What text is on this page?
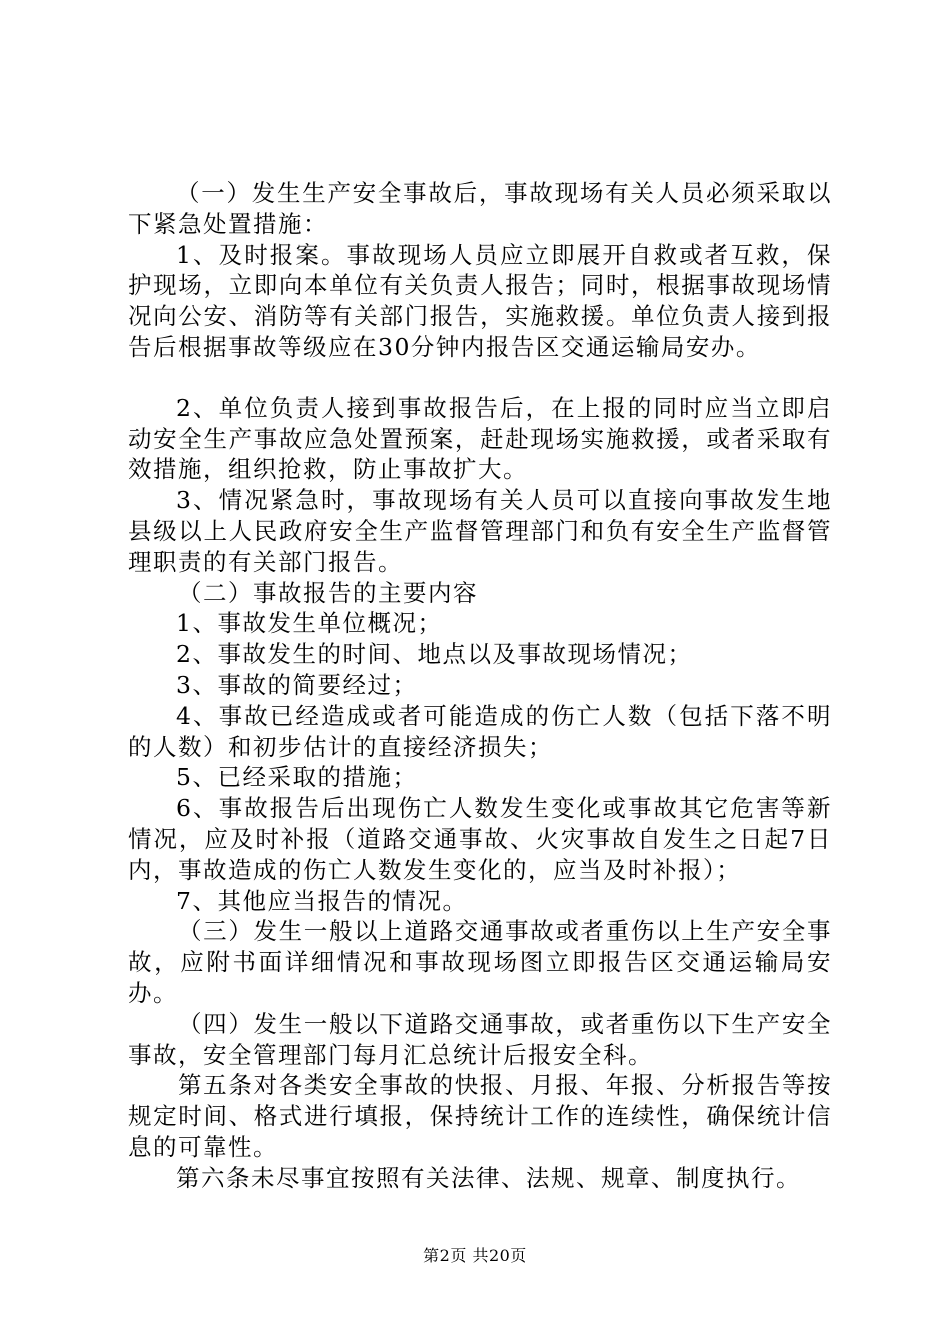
（一）发生生产安全事故后，事故现场有关人员必须采取以下紧急处置措施：

1、及时报案。事故现场人员应立即展开自救或者互救，保护现场，立即向本单位有关负责人报告；同时，根据事故现场情况向公安、消防等有关部门报告，实施救援。单位负责人接到报告后根据事故等级应在30分钟内报告区交通运输局安办。

2、单位负责人接到事故报告后，在上报的同时应当立即启动安全生产事故应急处置预案，赶赴现场实施救援，或者采取有效措施，组织抢救，防止事故扩大。

3、情况紧急时，事故现场有关人员可以直接向事故发生地县级以上人民政府安全生产监督管理部门和负有安全生产监督管理职责的有关部门报告。

（二）事故报告的主要内容

1、事故发生单位概况；

2、事故发生的时间、地点以及事故现场情况；

3、事故的简要经过；

4、事故已经造成或者可能造成的伤亡人数（包括下落不明的人数）和初步估计的直接经济损失；

5、已经采取的措施；

6、事故报告后出现伤亡人数发生变化或事故其它危害等新情况，应及时补报（道路交通事故、火灾事故自发生之日起7日内，事故造成的伤亡人数发生变化的，应当及时补报）；

7、其他应当报告的情况。

（三）发生一般以上道路交通事故或者重伤以上生产安全事故，应附书面详细情况和事故现场图立即报告区交通运输局安办。

（四）发生一般以下道路交通事故，或者重伤以下生产安全事故，安全管理部门每月汇总统计后报安全科。

第五条对各类安全事故的快报、月报、年报、分析报告等按规定时间、格式进行填报，保持统计工作的连续性，确保统计信息的可靠性。

第六条未尽事宜按照有关法律、法规、规章、制度执行。

第2页 共20页
